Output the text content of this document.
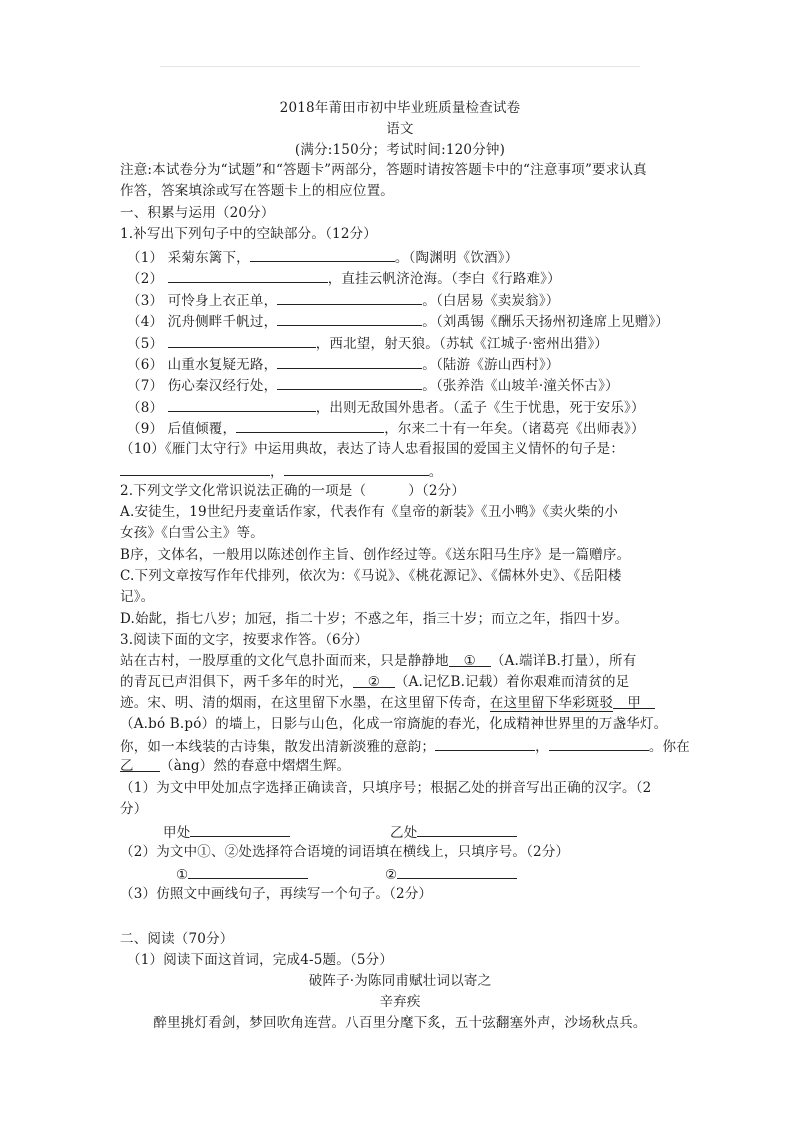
2018年莆田市初中毕业班质量检查试卷
语文
(满分:150分；考试时间:120分钟)
注意:本试卷分为“试题”和“答题卡”两部分，答题时请按答题卡中的“注意事项”要求认真
作答，答案填涂或写在答题卡上的相应位置。
一、积累与运用（20分）
1.补写出下列句子中的空缺部分。（12分）
（1） 采菊东篱下，	。（陶渊明《饮酒》）
（2）	，直挂云帆济沧海。（李白《行路难》）
（3） 可怜身上衣正单，	。（白居易《卖炭翁》）
（4） 沉舟侧畔千帆过，	。（刘禹锡《酬乐天扬州初逢席上见赠》）
（5）	，西北望，射天狼。（苏轼《江城子·密州出猎》）
（6） 山重水复疑无路，	。（陆游《游山西村》）
（7） 伤心秦汉经行处，	。（张养浩《山坡羊·潼关怀古》）
（8）	，出则无敌国外患者。（孟子《生于忧患，死于安乐》）
（9） 后值倾覆，	，尔来二十有一年矣。（诸葛亮《出师表》）
（10）《雁门太守行》中运用典故，表达了诗人忠看报国的爱国主义情怀的句子是：
，	。
2.下列文学文化常识说法正确的一项是（	）（2分）
A.安徒生，19世纪丹麦童话作家，代表作有《皇帝的新装》《丑小鸭》《卖火柴的小
女孩》《白雪公主》等。
B序，文体名，一般用以陈述创作主旨、创作经过等。《送东阳马生序》是一篇赠序。
C.下列文章按写作年代排列，依次为：《马说》、《桃花源记》、《儒林外史》、《岳阳楼
记》。
D.始龀，指七八岁；加冠，指二十岁；不惑之年，指三十岁；而立之年，指四十岁。
3.阅读下面的文字，按要求作答。（6分）
站在古村，一股厚重的文化气息扑面而来，只是静静地 ① （A.端详B.打量），所有
的青瓦已声泪俱下，两千多年的时光， ② （A.记忆B.记载）着你艰难而清贫的足
迹。宋、明、清的烟雨，在这里留下水墨，在这里留下传奇，在这里留下华彩斑驳 甲
（A.bó B.pó）的墙上，日影与山色，化成一帘旖旎的春光，化成精神世界里的万盏华灯。
你，如一本线装的古诗集，散发出清新淡雅的意韵；	，	。你在
乙 （àng）然的春意中熠熠生辉。
（1）为文中甲处加点字选择正确读音，只填序号；根据乙处的拼音写出正确的汉字。（2
分）
甲处	乙处
（2）为文中①、②处选择符合语境的词语填在横线上，只填序号。（2分）
①	②
（3）仿照文中画线句子，再续写一个句子。（2分）
二、阅读（70分）
（1）阅读下面这首词，完成4-5题。（5分）
破阵子·为陈同甫赋壮词以寄之
辛弃疾
醉里挑灯看剑，梦回吹角连营。八百里分麾下炙，五十弦翻塞外声，沙场秋点兵。
